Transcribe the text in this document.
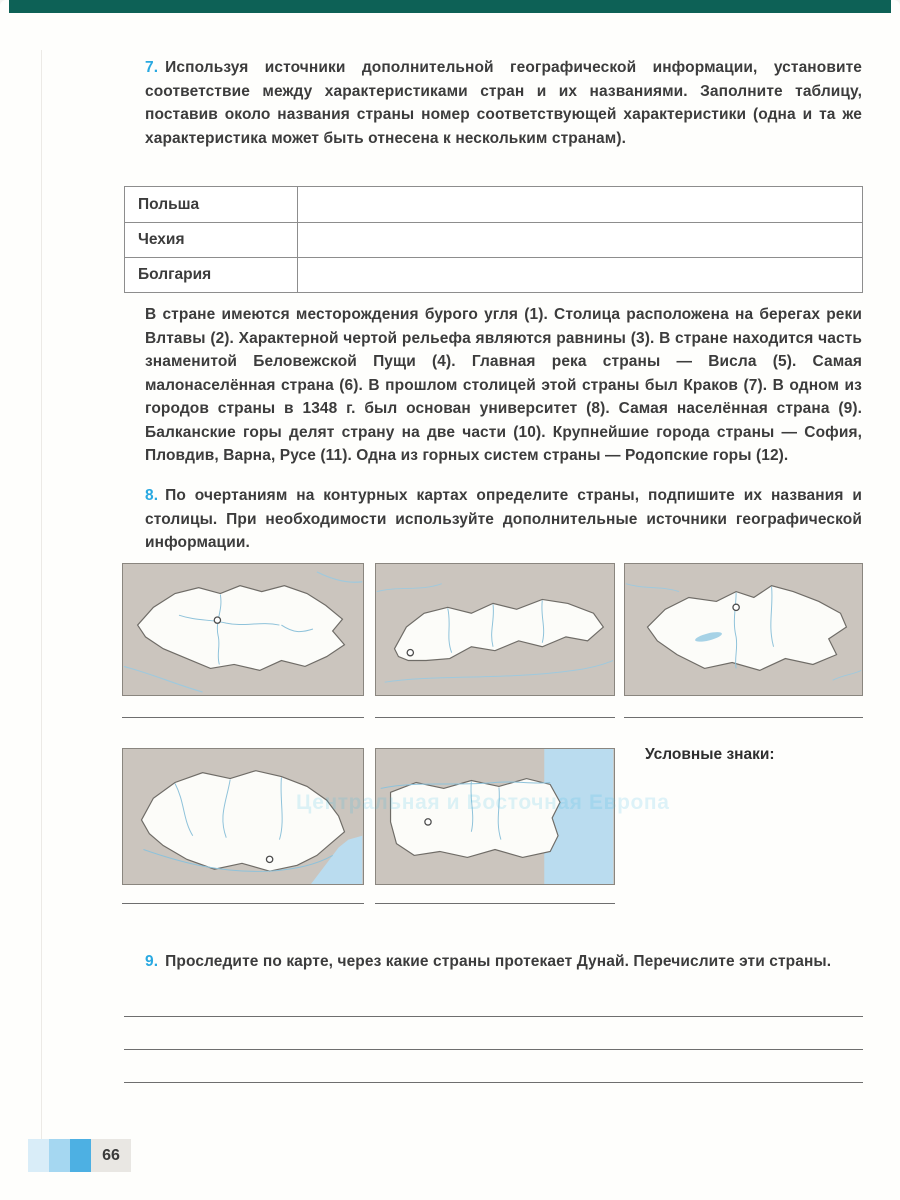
7. Используя источники дополнительной географической информации, установите соответствие между характеристиками стран и их названиями. Заполните таблицу, поставив около названия страны номер соответствующей характеристики (одна и та же характеристика может быть отнесена к нескольким странам).

Польша
Чехия
Болгария

В стране имеются месторождения бурого угля (1). Столица расположена на берегах реки Влтавы (2). Характерной чертой рельефа являются равнины (3). В стране находится часть знаменитой Беловежской Пущи (4). Главная река страны — Висла (5). Самая малонаселённая страна (6). В прошлом столицей этой страны был Краков (7). В одном из городов страны в 1348 г. был основан университет (8). Самая населённая страна (9). Балканские горы делят страну на две части (10). Крупнейшие города страны — София, Пловдив, Варна, Русе (11). Одна из горных систем страны — Родопские горы (12).

8. По очертаниям на контурных картах определите страны, подпишите их названия и столицы. При необходимости используйте дополнительные источники географической информации.

Центральная Европа
Условные знаки:

9. Проследите по карте, через какие страны протекает Дунай. Перечислите эти страны.

66
